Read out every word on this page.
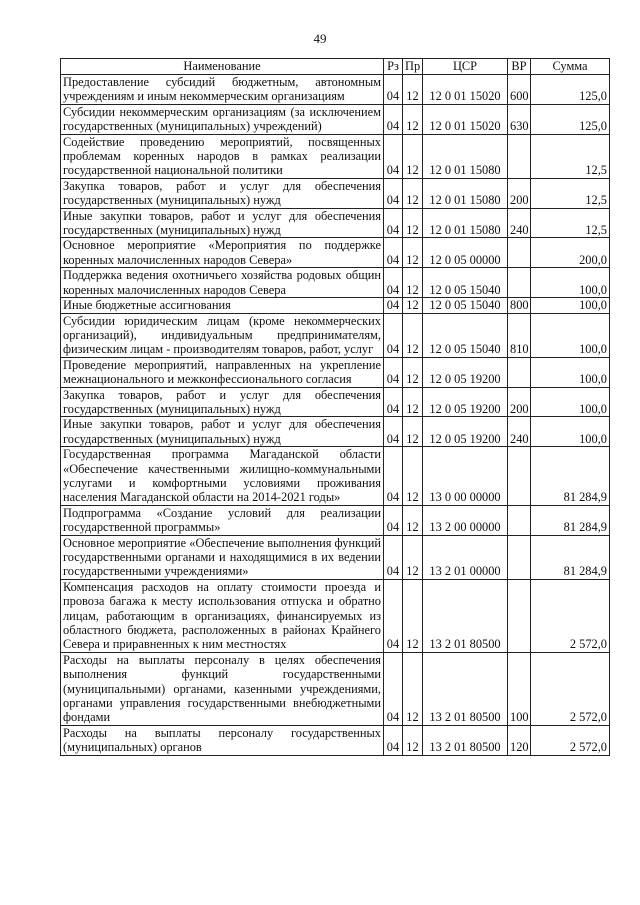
49
Наименование	Рз	Пр	ЦСР	ВР	Сумма
Предоставление субсидий бюджетным, автономным учреждениям и иным некоммерческим организациям	04	12	12 0 01 15020	600	125,0
Субсидии некоммерческим организациям (за исключением государственных (муниципальных) учреждений)	04	12	12 0 01 15020	630	125,0
Содействие проведению мероприятий, посвященных проблемам коренных народов в рамках реализации государственной национальной политики	04	12	12 0 01 15080		12,5
Закупка товаров, работ и услуг для обеспечения государственных (муниципальных) нужд	04	12	12 0 01 15080	200	12,5
Иные закупки товаров, работ и услуг для обеспечения государственных (муниципальных) нужд	04	12	12 0 01 15080	240	12,5
Основное мероприятие «Мероприятия по поддержке коренных малочисленных народов Севера»	04	12	12 0 05 00000		200,0
Поддержка ведения охотничьего хозяйства родовых общин коренных малочисленных народов Севера	04	12	12 0 05 15040		100,0
Иные бюджетные ассигнования	04	12	12 0 05 15040	800	100,0
Субсидии юридическим лицам (кроме некоммерческих организаций), индивидуальным предпринимателям, физическим лицам - производителям товаров, работ, услуг	04	12	12 0 05 15040	810	100,0
Проведение мероприятий, направленных на укрепление межнационального и межконфессионального согласия	04	12	12 0 05 19200		100,0
Закупка товаров, работ и услуг для обеспечения государственных (муниципальных) нужд	04	12	12 0 05 19200	200	100,0
Иные закупки товаров, работ и услуг для обеспечения государственных (муниципальных) нужд	04	12	12 0 05 19200	240	100,0
Государственная программа Магаданской области «Обеспечение качественными жилищно-коммунальными услугами и комфортными условиями проживания населения Магаданской области на 2014-2021 годы»	04	12	13 0 00 00000		81 284,9
Подпрограмма «Создание условий для реализации государственной программы»	04	12	13 2 00 00000		81 284,9
Основное мероприятие «Обеспечение выполнения функций государственными органами и находящимися в их ведении государственными учреждениями»	04	12	13 2 01 00000		81 284,9
Компенсация расходов на оплату стоимости проезда и провоза багажа к месту использования отпуска и обратно лицам, работающим в организациях, финансируемых из областного бюджета, расположенных в районах Крайнего Севера и приравненных к ним местностях	04	12	13 2 01 80500		2 572,0
Расходы на выплаты персоналу в целях обеспечения выполнения функций государственными (муниципальными) органами, казенными учреждениями, органами управления государственными внебюджетными фондами	04	12	13 2 01 80500	100	2 572,0
Расходы на выплаты персоналу государственных (муниципальных) органов	04	12	13 2 01 80500	120	2 572,0
